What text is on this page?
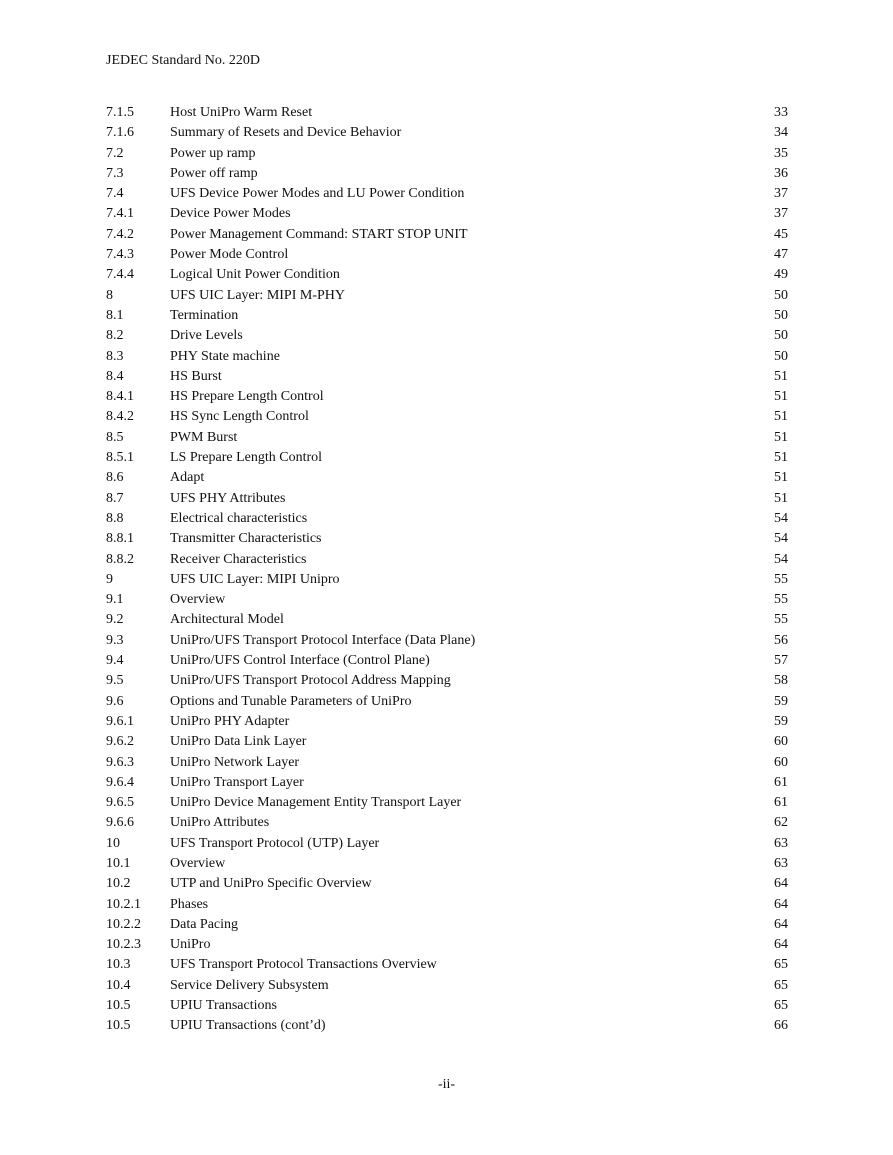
JEDEC Standard No. 220D
7.1.5	Host UniPro Warm Reset	33
7.1.6	Summary of Resets and Device Behavior	34
7.2	Power up ramp	35
7.3	Power off ramp	36
7.4	UFS Device Power Modes and LU Power Condition	37
7.4.1	Device Power Modes	37
7.4.2	Power Management Command: START STOP UNIT	45
7.4.3	Power Mode Control	47
7.4.4	Logical Unit Power Condition	49
8	UFS UIC Layer: MIPI M-PHY	50
8.1	Termination	50
8.2	Drive Levels	50
8.3	PHY State machine	50
8.4	HS Burst	51
8.4.1	HS Prepare Length Control	51
8.4.2	HS Sync Length Control	51
8.5	PWM Burst	51
8.5.1	LS Prepare Length Control	51
8.6	Adapt	51
8.7	UFS PHY Attributes	51
8.8	Electrical characteristics	54
8.8.1	Transmitter Characteristics	54
8.8.2	Receiver Characteristics	54
9	UFS UIC Layer: MIPI Unipro	55
9.1	Overview	55
9.2	Architectural Model	55
9.3	UniPro/UFS Transport Protocol Interface (Data Plane)	56
9.4	UniPro/UFS Control Interface (Control Plane)	57
9.5	UniPro/UFS Transport Protocol Address Mapping	58
9.6	Options and Tunable Parameters of UniPro	59
9.6.1	UniPro PHY Adapter	59
9.6.2	UniPro Data Link Layer	60
9.6.3	UniPro Network Layer	60
9.6.4	UniPro Transport Layer	61
9.6.5	UniPro Device Management Entity Transport Layer	61
9.6.6	UniPro Attributes	62
10	UFS Transport Protocol (UTP) Layer	63
10.1	Overview	63
10.2	UTP and UniPro Specific Overview	64
10.2.1 Phases	64
10.2.2 Data Pacing	64
10.2.3 UniPro	64
10.3	UFS Transport Protocol Transactions Overview	65
10.4	Service Delivery Subsystem	65
10.5	UPIU Transactions	65
10.5	UPIU Transactions (cont’d)	66
-ii-
